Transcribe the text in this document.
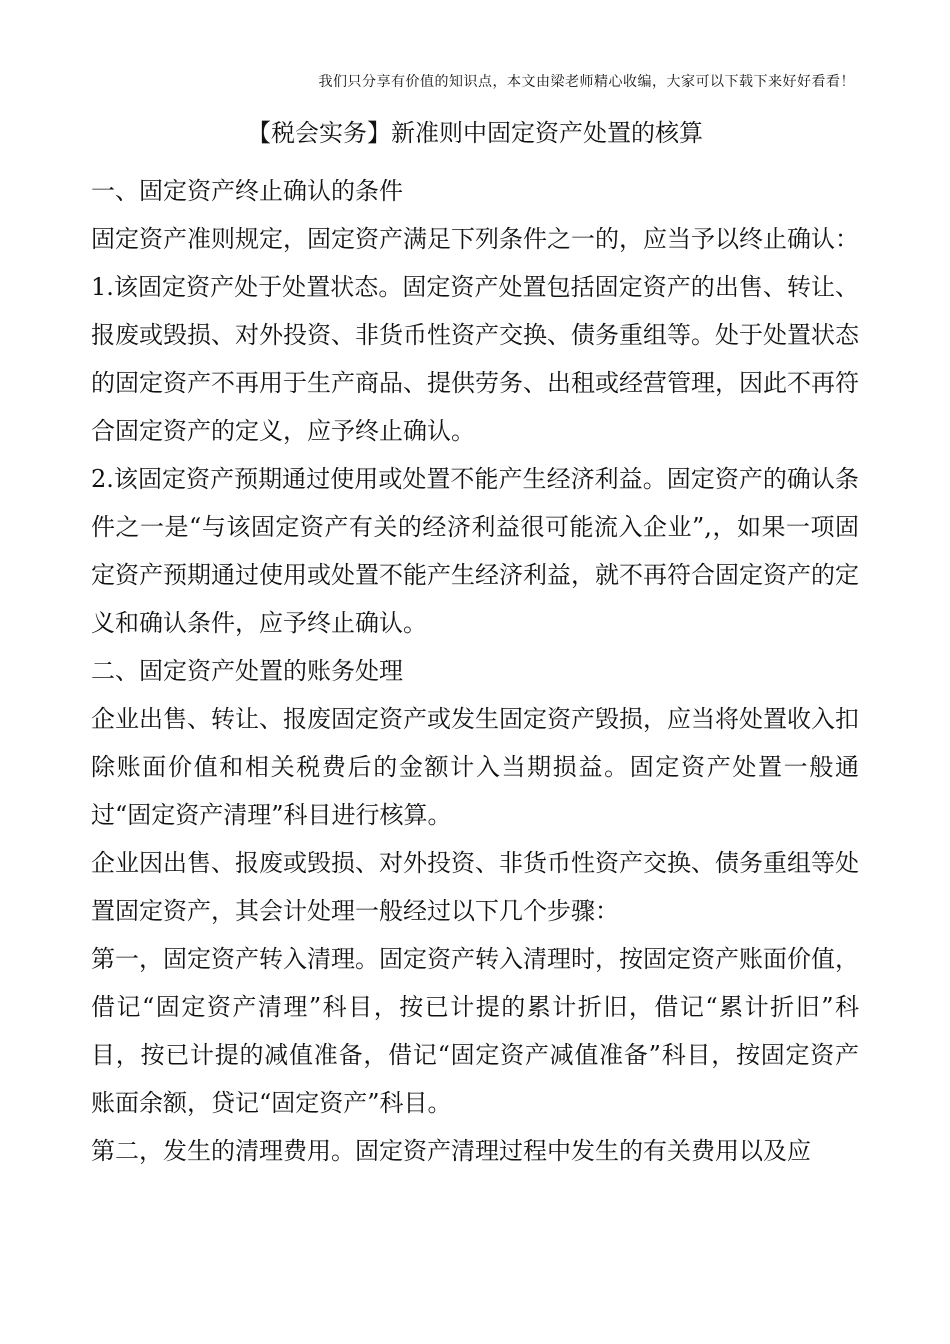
我们只分享有价值的知识点，本文由梁老师精心收编，大家可以下载下来好好看看！
【税会实务】新准则中固定资产处置的核算

一、固定资产终止确认的条件

固定资产准则规定，固定资产满足下列条件之一的，应当予以终止确认：

1.该固定资产处于处置状态。固定资产处置包括固定资产的出售、转让、报废或毁损、对外投资、非货币性资产交换、债务重组等。处于处置状态的固定资产不再用于生产商品、提供劳务、出租或经营管理，因此不再符合固定资产的定义，应予终止确认。

2.该固定资产预期通过使用或处置不能产生经济利益。固定资产的确认条件之一是“与该固定资产有关的经济利益很可能流入企业”,，如果一项固定资产预期通过使用或处置不能产生经济利益，就不再符合固定资产的定义和确认条件，应予终止确认。

二、固定资产处置的账务处理

企业出售、转让、报废固定资产或发生固定资产毁损，应当将处置收入扣除账面价值和相关税费后的金额计入当期损益。固定资产处置一般通过“固定资产清理”科目进行核算。

企业因出售、报废或毁损、对外投资、非货币性资产交换、债务重组等处置固定资产，其会计处理一般经过以下几个步骤：

第一，固定资产转入清理。固定资产转入清理时，按固定资产账面价值，借记“固定资产清理”科目，按已计提的累计折旧，借记“累计折旧”科目，按已计提的减值准备，借记“固定资产减值准备”科目，按固定资产账面余额，贷记“固定资产”科目。

第二，发生的清理费用。固定资产清理过程中发生的有关费用以及应
